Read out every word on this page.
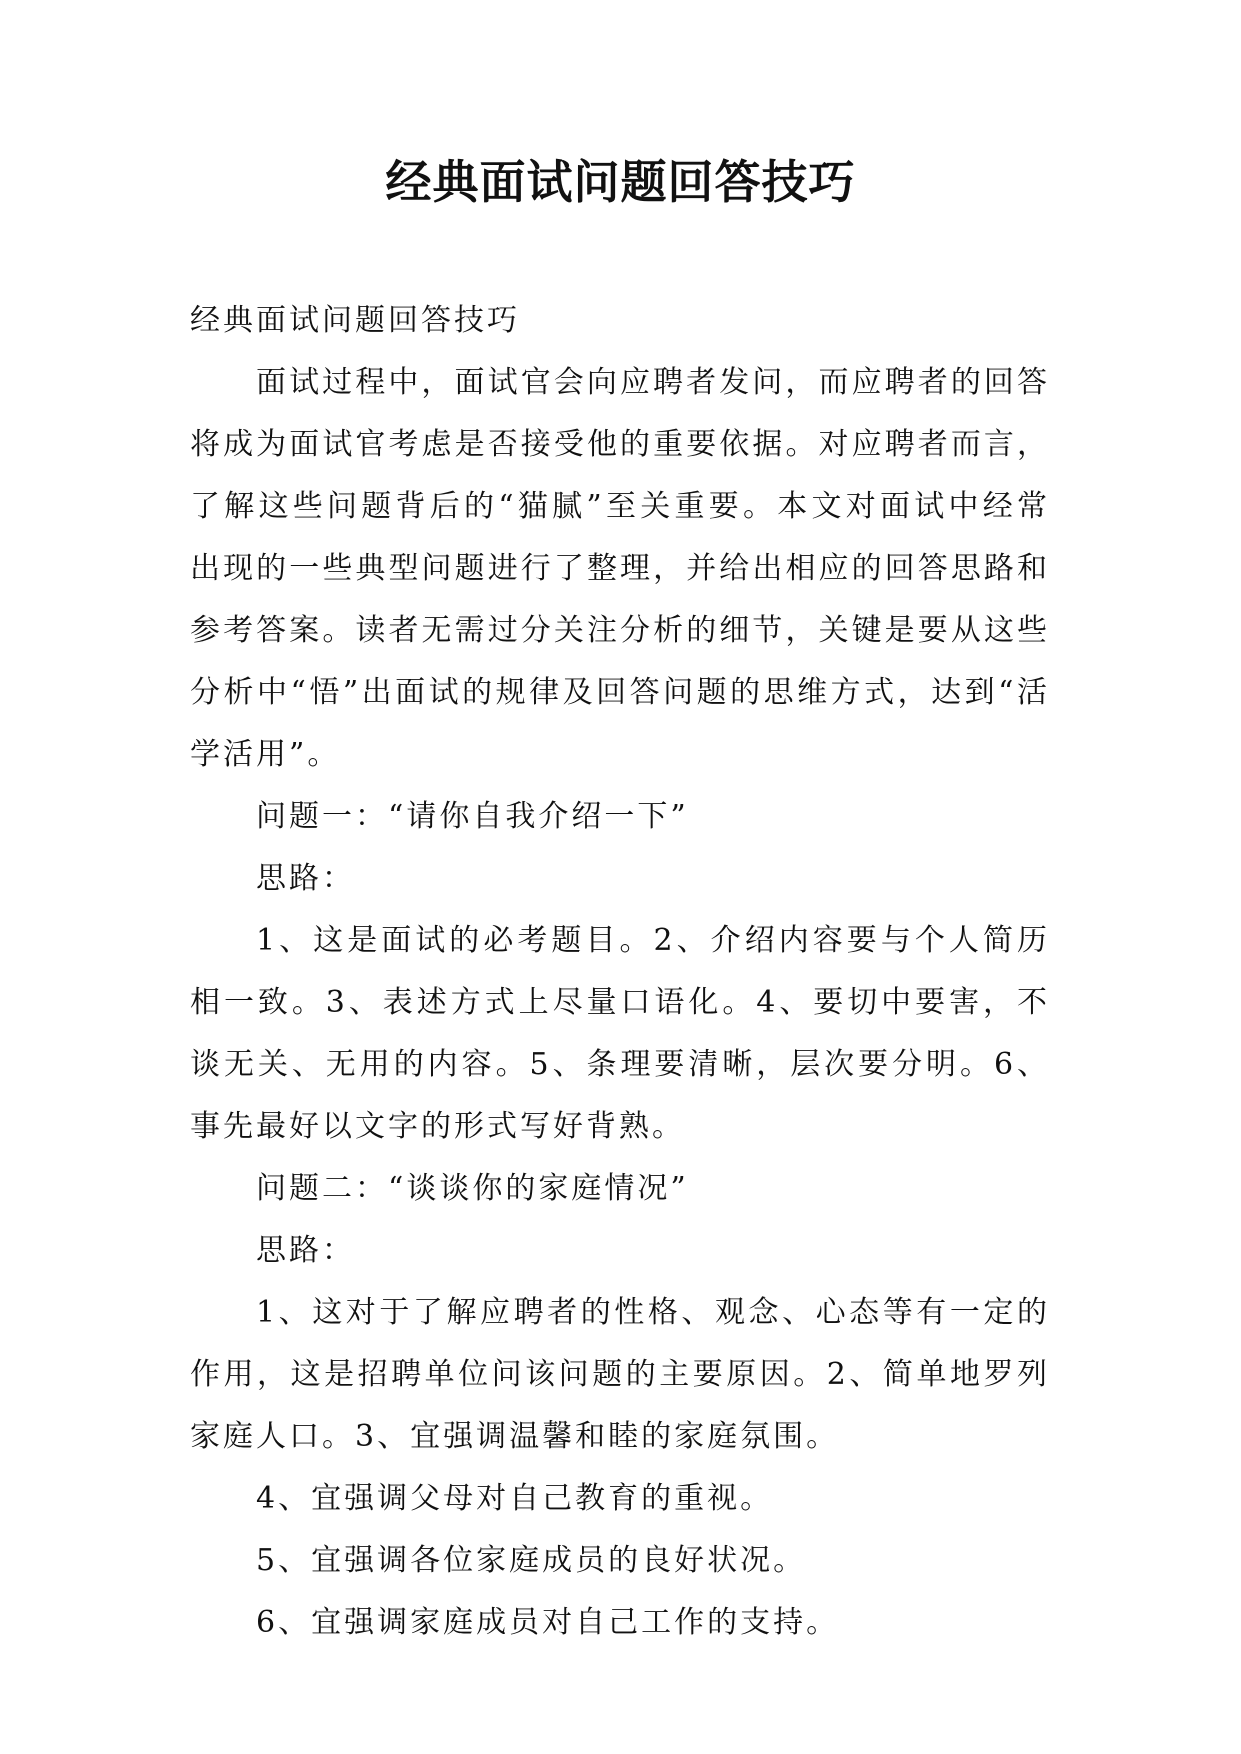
经典面试问题回答技巧

经典面试问题回答技巧

面试过程中，面试官会向应聘者发问，而应聘者的回答将成为面试官考虑是否接受他的重要依据。对应聘者而言，了解这些问题背后的“猫腻”至关重要。本文对面试中经常出现的一些典型问题进行了整理，并给出相应的回答思路和参考答案。读者无需过分关注分析的细节，关键是要从这些分析中“悟”出面试的规律及回答问题的思维方式，达到“活学活用”。

问题一：“请你自我介绍一下”

思路：

1、这是面试的必考题目。2、介绍内容要与个人简历相一致。3、表述方式上尽量口语化。4、要切中要害，不谈无关、无用的内容。5、条理要清晰，层次要分明。6、事先最好以文字的形式写好背熟。

问题二：“谈谈你的家庭情况”

思路：

1、这对于了解应聘者的性格、观念、心态等有一定的作用，这是招聘单位问该问题的主要原因。2、简单地罗列家庭人口。3、宜强调温馨和睦的家庭氛围。

4、宜强调父母对自己教育的重视。

5、宜强调各位家庭成员的良好状况。

6、宜强调家庭成员对自己工作的支持。
